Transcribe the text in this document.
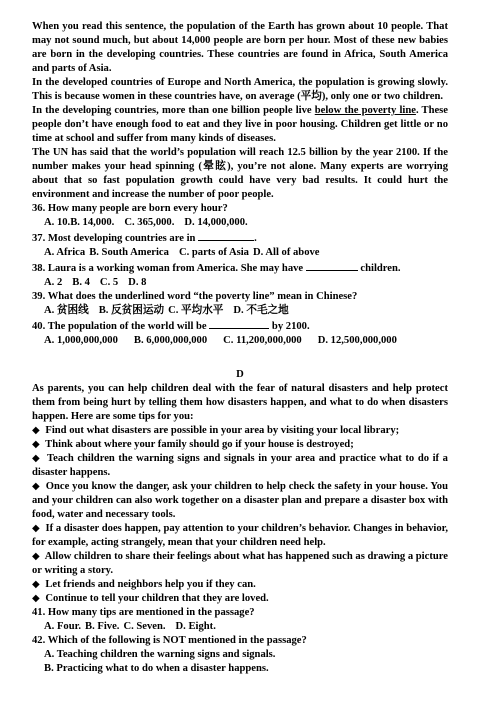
When you read this sentence, the population of the Earth has grown about 10 people. That may not sound much, but about 14,000 people are born per hour. Most of these new babies are born in the developing countries. These countries are found in Africa, South America and parts of Asia.

In the developed countries of Europe and North America, the population is growing slowly. This is because women in these countries have, on average (平均), only one or two children.

In the developing countries, more than one billion people live below the poverty line. These people don’t have enough food to eat and they live in poor housing. Children get little or no time at school and suffer from many kinds of diseases.

The UN has said that the world’s population will reach 12.5 billion by the year 2100. If the number makes your head spinning (晕眩), you’re not alone. Many experts are worrying about that so fast population growth could have very bad results. It could hurt the environment and increase the number of poor people.

36. How many people are born every hour?

A. 10.B. 14,000. C. 365,000. D. 14,000,000.

37. Most developing countries are in	.

A. Africa B. South America C. parts of Asia D. All of above

38. Laura is a working woman from America. She may have	children.

A. 2 B. 4 C. 5 D. 8

39. What does the underlined word “the poverty line” mean in Chinese?

A. 贫困线 B. 反贫困运动 C. 平均水平 D. 不毛之地

40. The population of the world will be	by 2100.

A. 1,000,000,000 B. 6,000,000,000 C. 11,200,000,000 D. 12,500,000,000

D

As parents, you can help children deal with the fear of natural disasters and help protect them from being hurt by telling them how disasters happen, and what to do when disasters happen. Here are some tips for you:

◆ Find out what disasters are possible in your area by visiting your local library;

◆ Think about where your family should go if your house is destroyed;

◆ Teach children the warning signs and signals in your area and practice what to do if a disaster happens.

◆ Once you know the danger, ask your children to help check the safety in your house. You and your children can also work together on a disaster plan and prepare a disaster box with food, water and necessary tools.

◆ If a disaster does happen, pay attention to your children’s behavior. Changes in behavior, for example, acting strangely, mean that your children need help.

◆ Allow children to share their feelings about what has happened such as drawing a picture or writing a story.

◆ Let friends and neighbors help you if they can.

◆ Continue to tell your children that they are loved.

41. How many tips are mentioned in the passage?

A. Four. B. Five. C. Seven. D. Eight.

42. Which of the following is NOT mentioned in the passage?

A. Teaching children the warning signs and signals.

B. Practicing what to do when a disaster happens.
